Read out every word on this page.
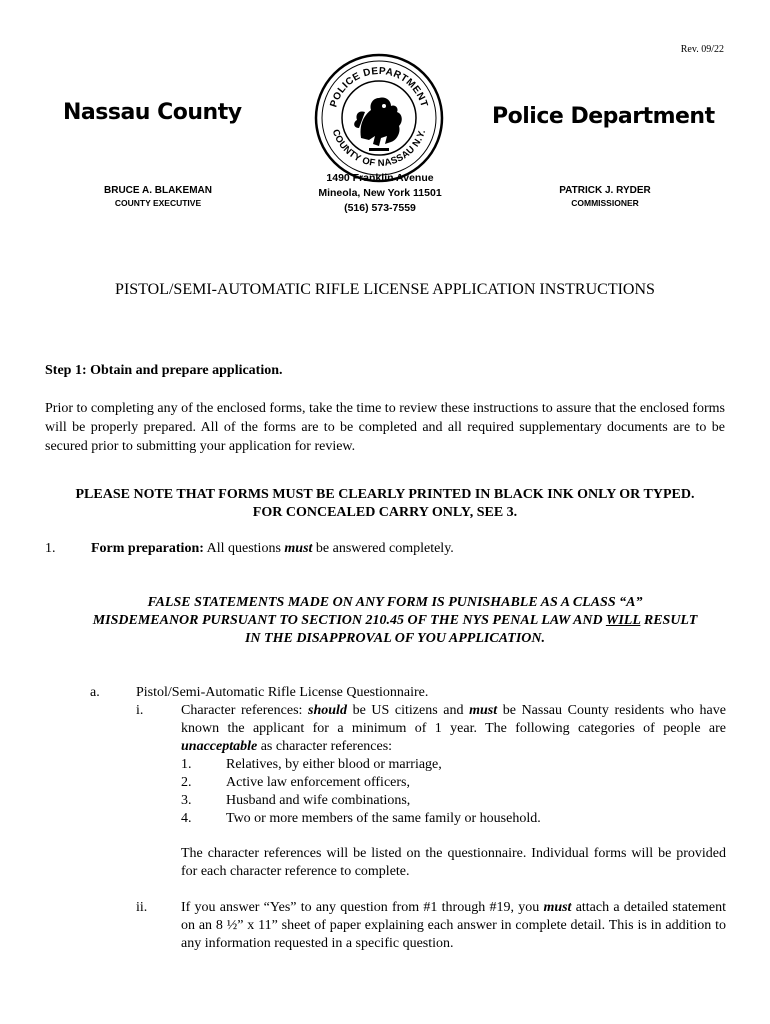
Rev. 09/22
Nassau County	Police Department
POLICE DEPARTMENT
COUNTY OF NASSAU N.Y.
BRUCE A. BLAKEMAN
COUNTY EXECUTIVE
1490 Franklin Avenue
Mineola, New York 11501
(516) 573-7559
PATRICK J. RYDER
COMMISSIONER
PISTOL/SEMI-AUTOMATIC RIFLE LICENSE APPLICATION INSTRUCTIONS
Step 1: Obtain and prepare application.
Prior to completing any of the enclosed forms, take the time to review these instructions to assure that the enclosed forms will be properly prepared. All of the forms are to be completed and all required supplementary documents are to be secured prior to submitting your application for review.
PLEASE NOTE THAT FORMS MUST BE CLEARLY PRINTED IN BLACK INK ONLY OR TYPED.
FOR CONCEALED CARRY ONLY, SEE 3.
1.	Form preparation: All questions must be answered completely.
FALSE STATEMENTS MADE ON ANY FORM IS PUNISHABLE AS A CLASS “A”
MISDEMEANOR PURSUANT TO SECTION 210.45 OF THE NYS PENAL LAW AND WILL RESULT
IN THE DISAPPROVAL OF YOU APPLICATION.
a.	Pistol/Semi-Automatic Rifle License Questionnaire.
i.	Character references: should be US citizens and must be Nassau County residents who have known the applicant for a minimum of 1 year. The following categories of people are unacceptable as character references:
1. Relatives, by either blood or marriage,
2. Active law enforcement officers,
3. Husband and wife combinations,
4. Two or more members of the same family or household.
The character references will be listed on the questionnaire. Individual forms will be provided for each character reference to complete.
ii. If you answer “Yes” to any question from #1 through #19, you must attach a detailed statement on an 8 ½” x 11” sheet of paper explaining each answer in complete detail. This is in addition to any information requested in a specific question.
